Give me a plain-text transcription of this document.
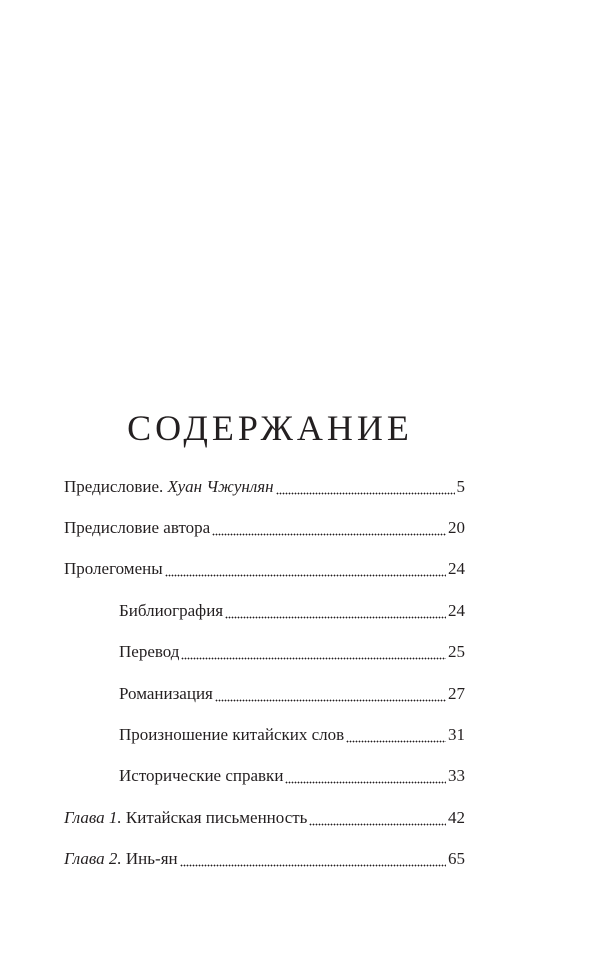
СОДЕРЖАНИЕ
Предисловие. Хуан Чжунлян	5
Предисловие автора	20
Пролегомены	24
Библиография	24
Перевод	25
Романизация	27
Произношение китайских слов	31
Исторические справки	33
Глава 1. Китайская письменность	42
Глава 2. Инь-ян	65
